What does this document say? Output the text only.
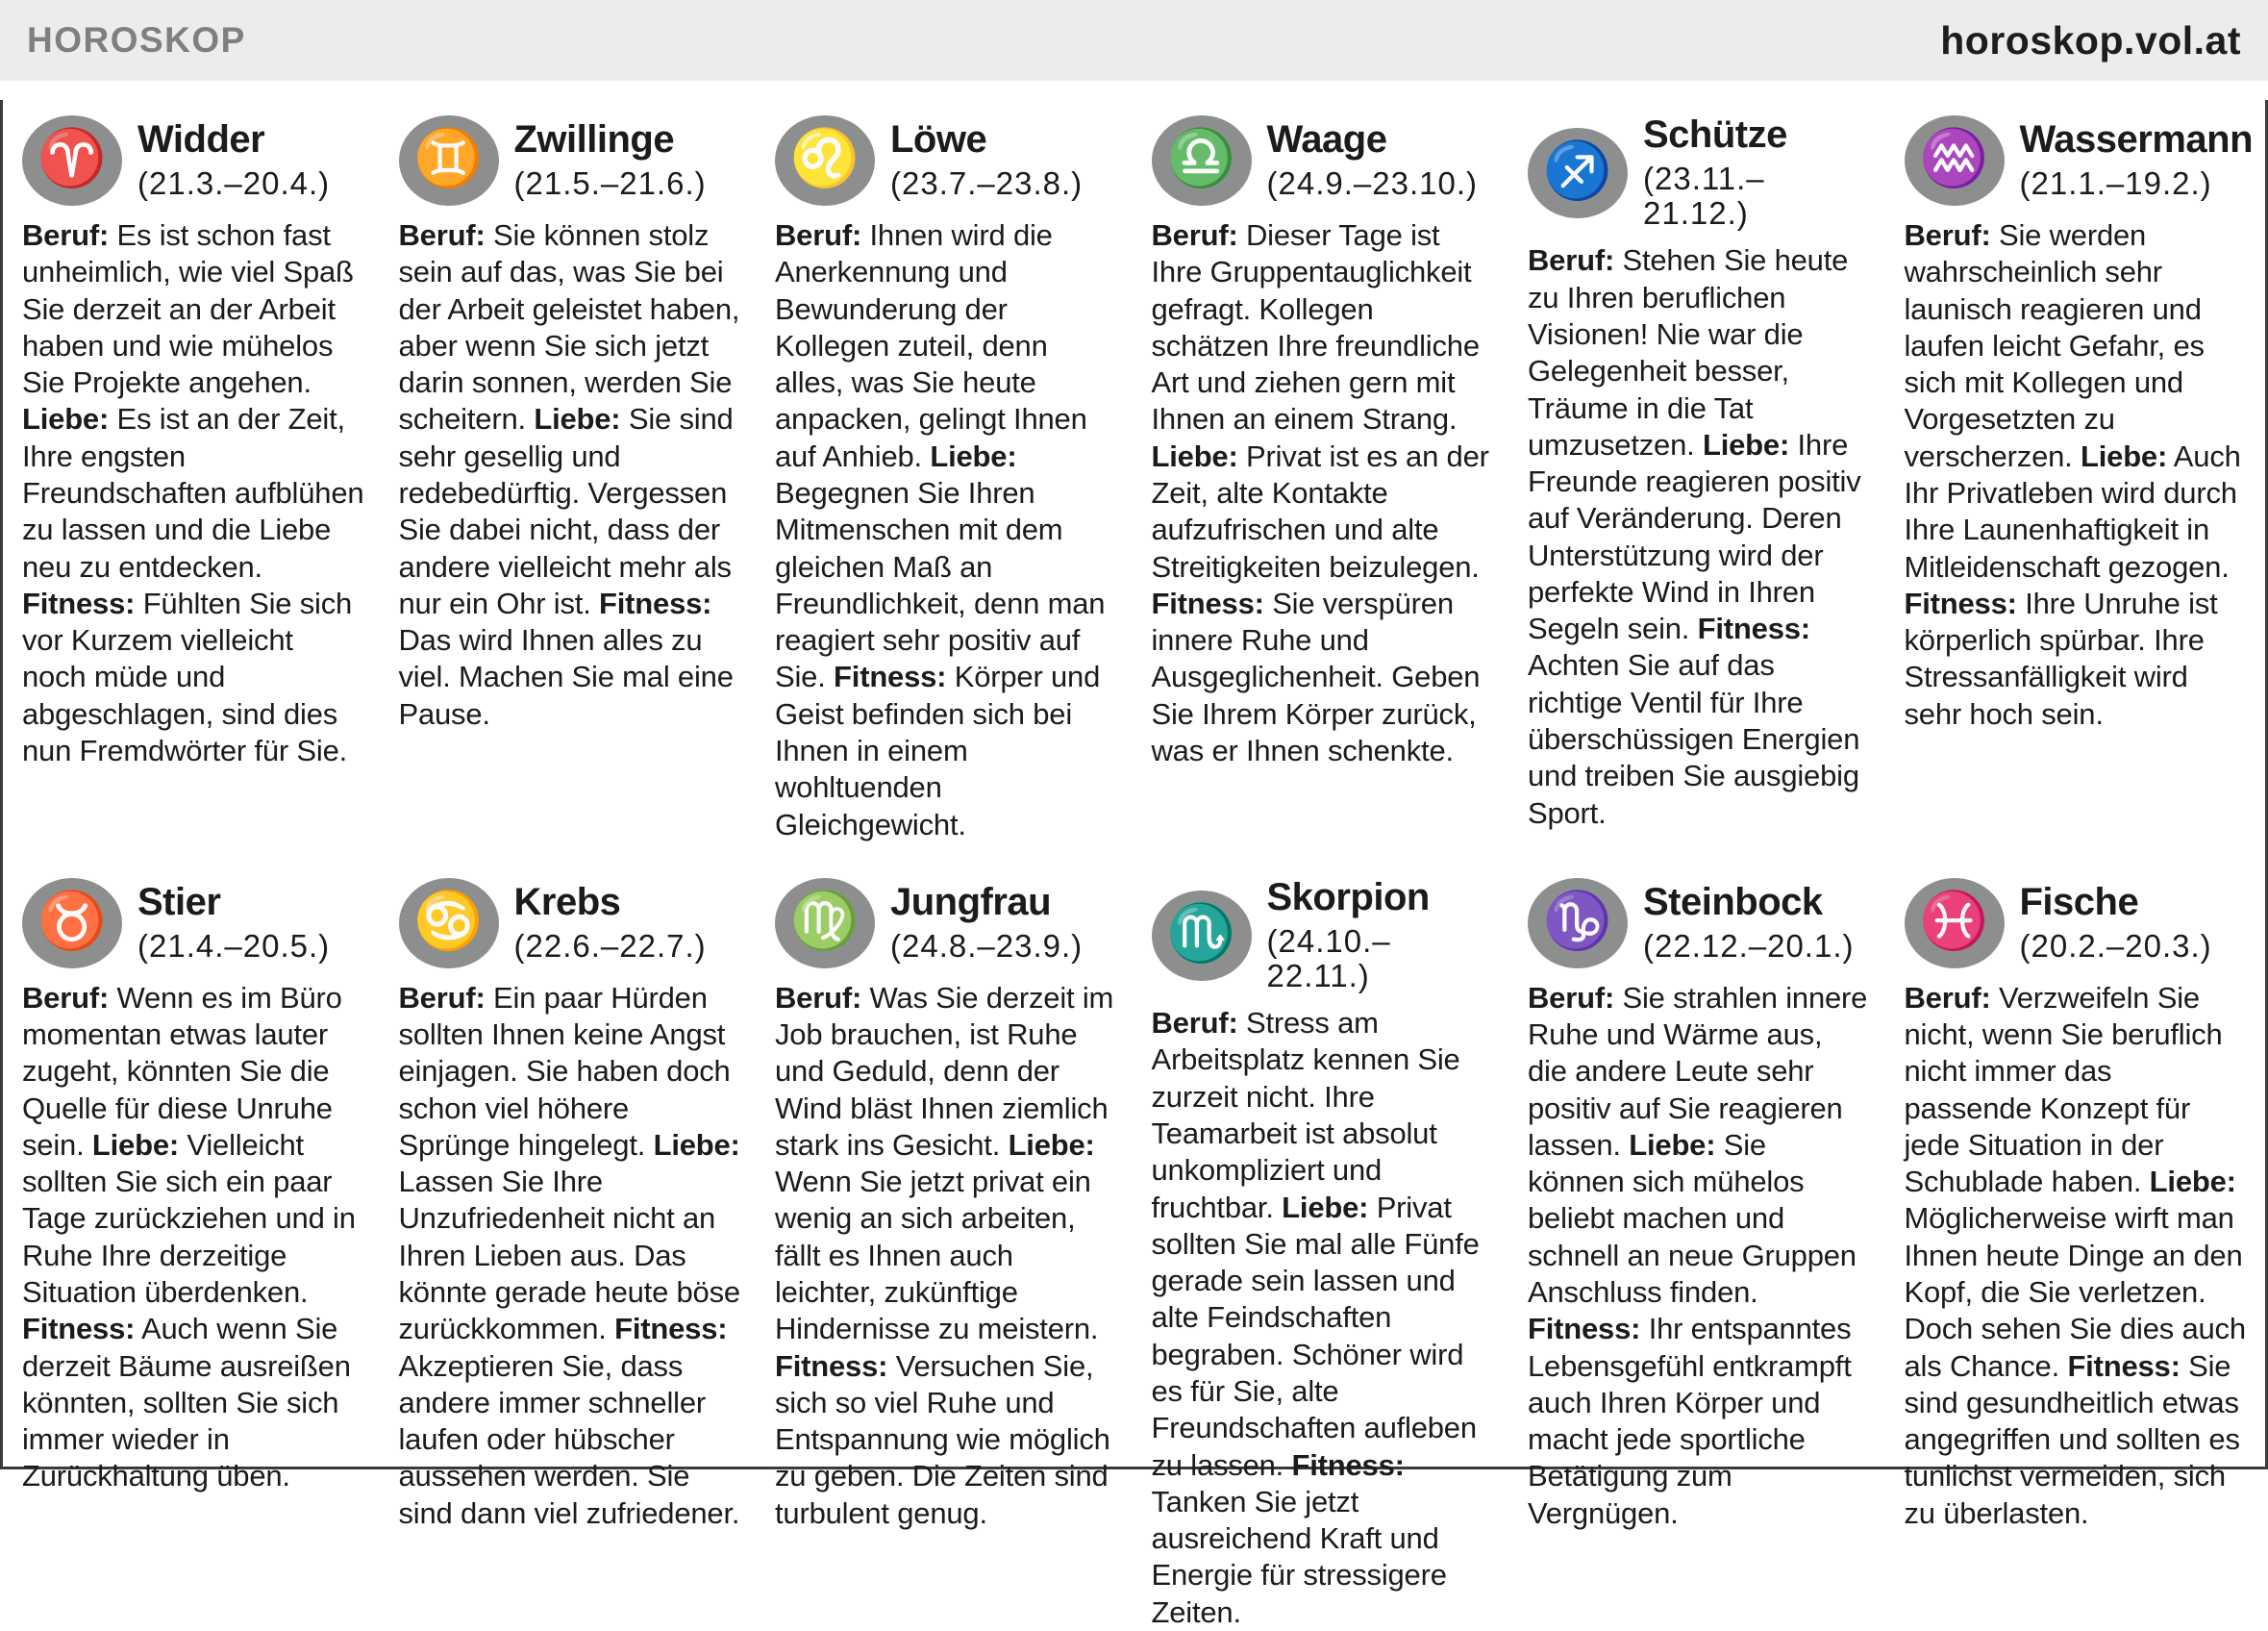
HOROSKOP	horoskop.vol.at
♈ Widder
(21.3.–20.4.)

Beruf: Es ist schon fast unheimlich, wie viel Spaß Sie derzeit an der Arbeit haben und wie mühelos Sie Projekte angehen. Liebe: Es ist an der Zeit, Ihre engsten Freundschaften aufblühen zu lassen und die Liebe neu zu entdecken. Fitness: Fühlten Sie sich vor Kurzem vielleicht noch müde und abgeschlagen, sind dies nun Fremdwörter für Sie.

♊ Zwillinge
(21.5.–21.6.)

Beruf: Sie können stolz sein auf das, was Sie bei der Arbeit geleistet haben, aber wenn Sie sich jetzt darin sonnen, werden Sie scheitern. Liebe: Sie sind sehr gesellig und redebedürftig. Vergessen Sie dabei nicht, dass der andere vielleicht mehr als nur ein Ohr ist. Fitness: Das wird Ihnen alles zu viel. Machen Sie mal eine Pause.

♌ Löwe
(23.7.–23.8.)

Beruf: Ihnen wird die Anerkennung und Bewunderung der Kollegen zuteil, denn alles, was Sie heute anpacken, gelingt Ihnen auf Anhieb. Liebe: Begegnen Sie Ihren Mitmenschen mit dem gleichen Maß an Freundlichkeit, denn man reagiert sehr positiv auf Sie. Fitness: Körper und Geist befinden sich bei Ihnen in einem wohltuenden Gleichgewicht.

♎ Waage
(24.9.–23.10.)

Beruf: Dieser Tage ist Ihre Gruppentauglichkeit gefragt. Kollegen schätzen Ihre freundliche Art und ziehen gern mit Ihnen an einem Strang. Liebe: Privat ist es an der Zeit, alte Kontakte aufzufrischen und alte Streitigkeiten beizulegen. Fitness: Sie verspüren innere Ruhe und Ausgeglichenheit. Geben Sie Ihrem Körper zurück, was er Ihnen schenkte.

♐
Schütze
(23.11.–21.12.)

Beruf: Stehen Sie heute zu Ihren beruflichen Visionen! Nie war die Gelegenheit besser, Träume in die Tat umzusetzen. Liebe: Ihre Freunde reagieren positiv auf Veränderung. Deren Unterstützung wird der perfekte Wind in Ihren Segeln sein. Fitness: Achten Sie auf das richtige Ventil für Ihre überschüssigen Energien und treiben Sie ausgiebig Sport.

♒ Wassermann
(21.1.–19.2.)

Beruf: Sie werden wahrscheinlich sehr launisch reagieren und laufen leicht Gefahr, es sich mit Kollegen und Vorgesetzten zu verscherzen. Liebe: Auch Ihr Privatleben wird durch Ihre Launenhaftigkeit in Mitleidenschaft gezogen. Fitness: Ihre Unruhe ist körperlich spürbar. Ihre Stressanfälligkeit wird sehr hoch sein.

♉ Stier
(21.4.–20.5.)

Beruf: Wenn es im Büro momentan etwas lauter zugeht, könnten Sie die Quelle für diese Unruhe sein. Liebe: Vielleicht sollten Sie sich ein paar Tage zurückziehen und in Ruhe Ihre derzeitige Situation überdenken. Fitness: Auch wenn Sie derzeit Bäume ausreißen könnten, sollten Sie sich immer wieder in Zurückhaltung üben.

♋ Krebs
(22.6.–22.7.)

Beruf: Ein paar Hürden sollten Ihnen keine Angst einjagen. Sie haben doch schon viel höhere Sprünge hingelegt. Liebe: Lassen Sie Ihre Unzufriedenheit nicht an Ihren Lieben aus. Das könnte gerade heute böse zurückkommen. Fitness: Akzeptieren Sie, dass andere immer schneller laufen oder hübscher aussehen werden. Sie sind dann viel zufriedener.

♍ Jungfrau
(24.8.–23.9.)

Beruf: Was Sie derzeit im Job brauchen, ist Ruhe und Geduld, denn der Wind bläst Ihnen ziemlich stark ins Gesicht. Liebe: Wenn Sie jetzt privat ein wenig an sich arbeiten, fällt es Ihnen auch leichter, zukünftige Hindernisse zu meistern. Fitness: Versuchen Sie, sich so viel Ruhe und Entspannung wie möglich zu geben. Die Zeiten sind turbulent genug.

♏
Skorpion
(24.10.–22.11.)

Beruf: Stress am Arbeitsplatz kennen Sie zurzeit nicht. Ihre Teamarbeit ist absolut unkompliziert und fruchtbar. Liebe: Privat sollten Sie mal alle Fünfe gerade sein lassen und alte Feindschaften begraben. Schöner wird es für Sie, alte Freundschaften aufleben zu lassen. Fitness: Tanken Sie jetzt ausreichend Kraft und Energie für stressigere Zeiten.

♑ Steinbock
(22.12.–20.1.)

Beruf: Sie strahlen innere Ruhe und Wärme aus, die andere Leute sehr positiv auf Sie reagieren lassen. Liebe: Sie können sich mühelos beliebt machen und schnell an neue Gruppen Anschluss finden. Fitness: Ihr entspanntes Lebensgefühl entkrampft auch Ihren Körper und macht jede sportliche Betätigung zum Vergnügen.

♓ Fische
(20.2.–20.3.)

Beruf: Verzweifeln Sie nicht, wenn Sie beruflich nicht immer das passende Konzept für jede Situation in der Schublade haben. Liebe: Möglicherweise wirft man Ihnen heute Dinge an den Kopf, die Sie verletzen. Doch sehen Sie dies auch als Chance. Fitness: Sie sind gesundheitlich etwas angegriffen und sollten es tunlichst vermeiden, sich zu überlasten.
